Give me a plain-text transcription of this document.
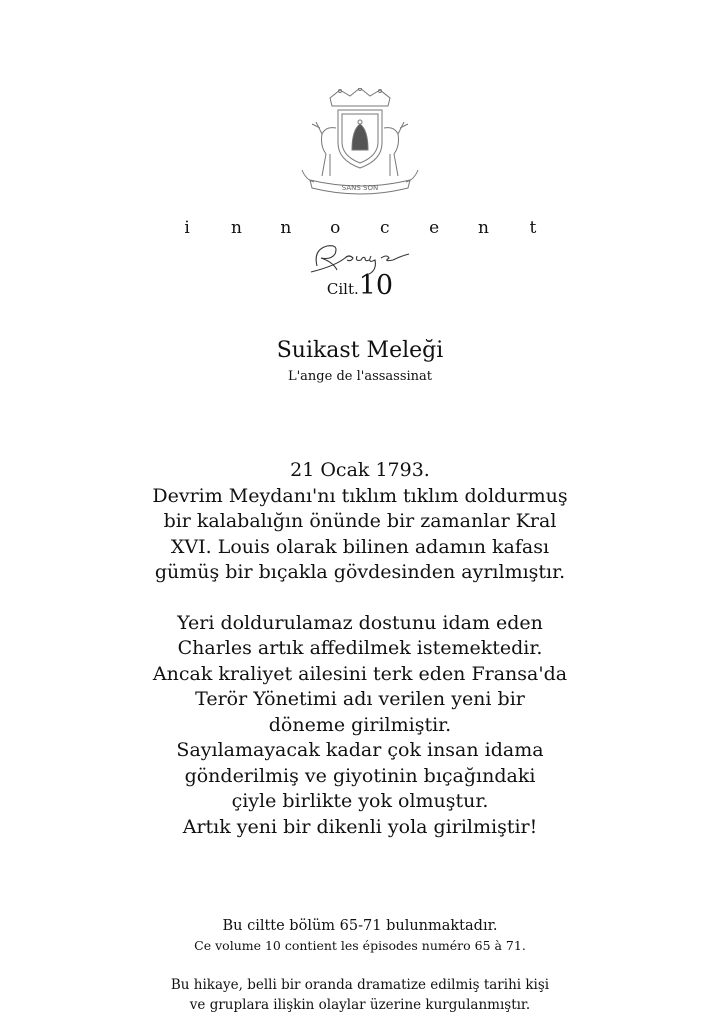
SANS SON
i n n o c e n t
Cilt.10
Suikast Meleği
L'ange de l'assassinat

21 Ocak 1793.
Devrim Meydanı'nı tıklım tıklım doldurmuş
bir kalabalığın önünde bir zamanlar Kral
XVI. Louis olarak bilinen adamın kafası
gümüş bir bıçakla gövdesinden ayrılmıştır.

Yeri doldurulamaz dostunu idam eden
Charles artık affedilmek istemektedir.
Ancak kraliyet ailesini terk eden Fransa'da
Terör Yönetimi adı verilen yeni bir
döneme girilmiştir.
Sayılamayacak kadar çok insan idama
gönderilmiş ve giyotinin bıçağındaki
çiyle birlikte yok olmuştur.
Artık yeni bir dikenli yola girilmiştir!

Bu ciltte bölüm 65-71 bulunmaktadır.
Ce volume 10 contient les épisodes numéro 65 à 71.
Bu hikaye, belli bir oranda dramatize edilmiş tarihi kişi
ve gruplara ilişkin olaylar üzerine kurgulanmıştır.
